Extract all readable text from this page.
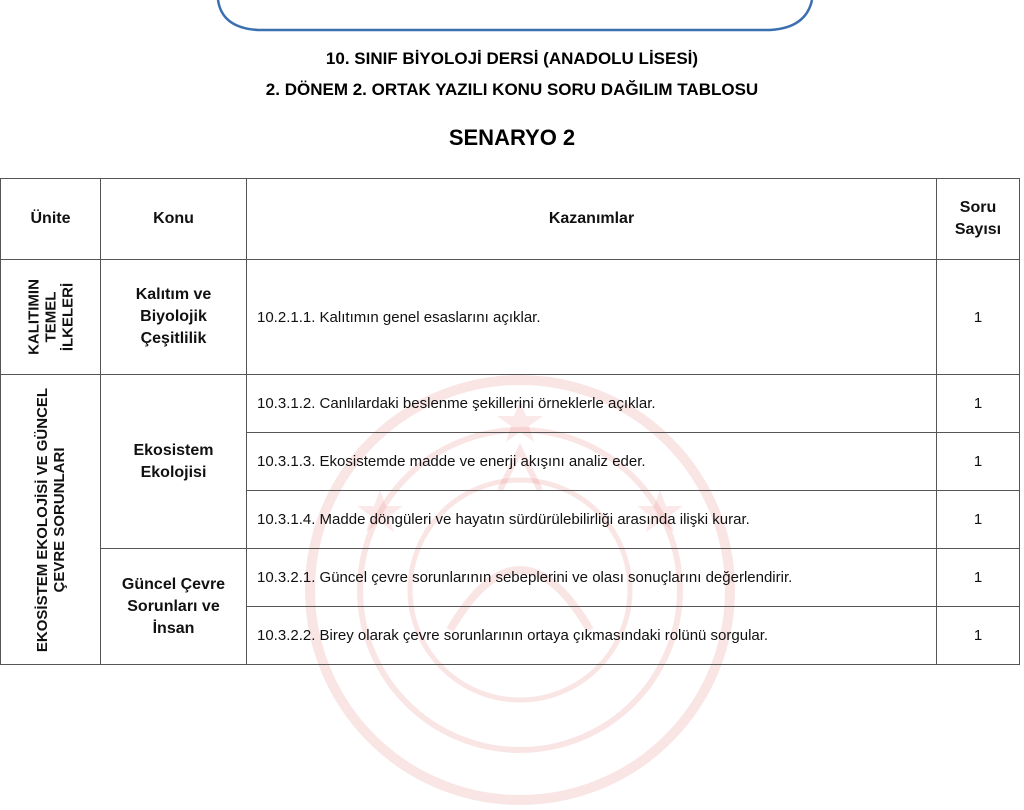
10. SINIF BİYOLOJİ DERSİ (ANADOLU LİSESİ)
2. DÖNEM 2. ORTAK YAZILI KONU SORU DAĞILIM TABLOSU
SENARYO 2
Ünite	Konu	Kazanımlar	Soru Sayısı

KALITIMIN TEMEL İLKELERİ	Kalıtım ve Biyolojik Çeşitlilik	10.2.1.1. Kalıtımın genel esaslarını açıklar.	1

EKOSİSTEM EKOLOJİSİ VE GÜNCEL ÇEVRE SORUNLARI	Ekosistem Ekolojisi	10.3.1.2. Canlılardaki beslenme şekillerini örneklerle açıklar.	1
		10.3.1.3. Ekosistemde madde ve enerji akışını analiz eder.	1
		10.3.1.4. Madde döngüleri ve hayatın sürdürülebilirliği arasında ilişki kurar.	1
	Güncel Çevre Sorunları ve İnsan	10.3.2.1. Güncel çevre sorunlarının sebeplerini ve olası sonuçlarını değerlendirir.	1
		10.3.2.2. Birey olarak çevre sorunlarının ortaya çıkmasındaki rolünü sorgular.	1
